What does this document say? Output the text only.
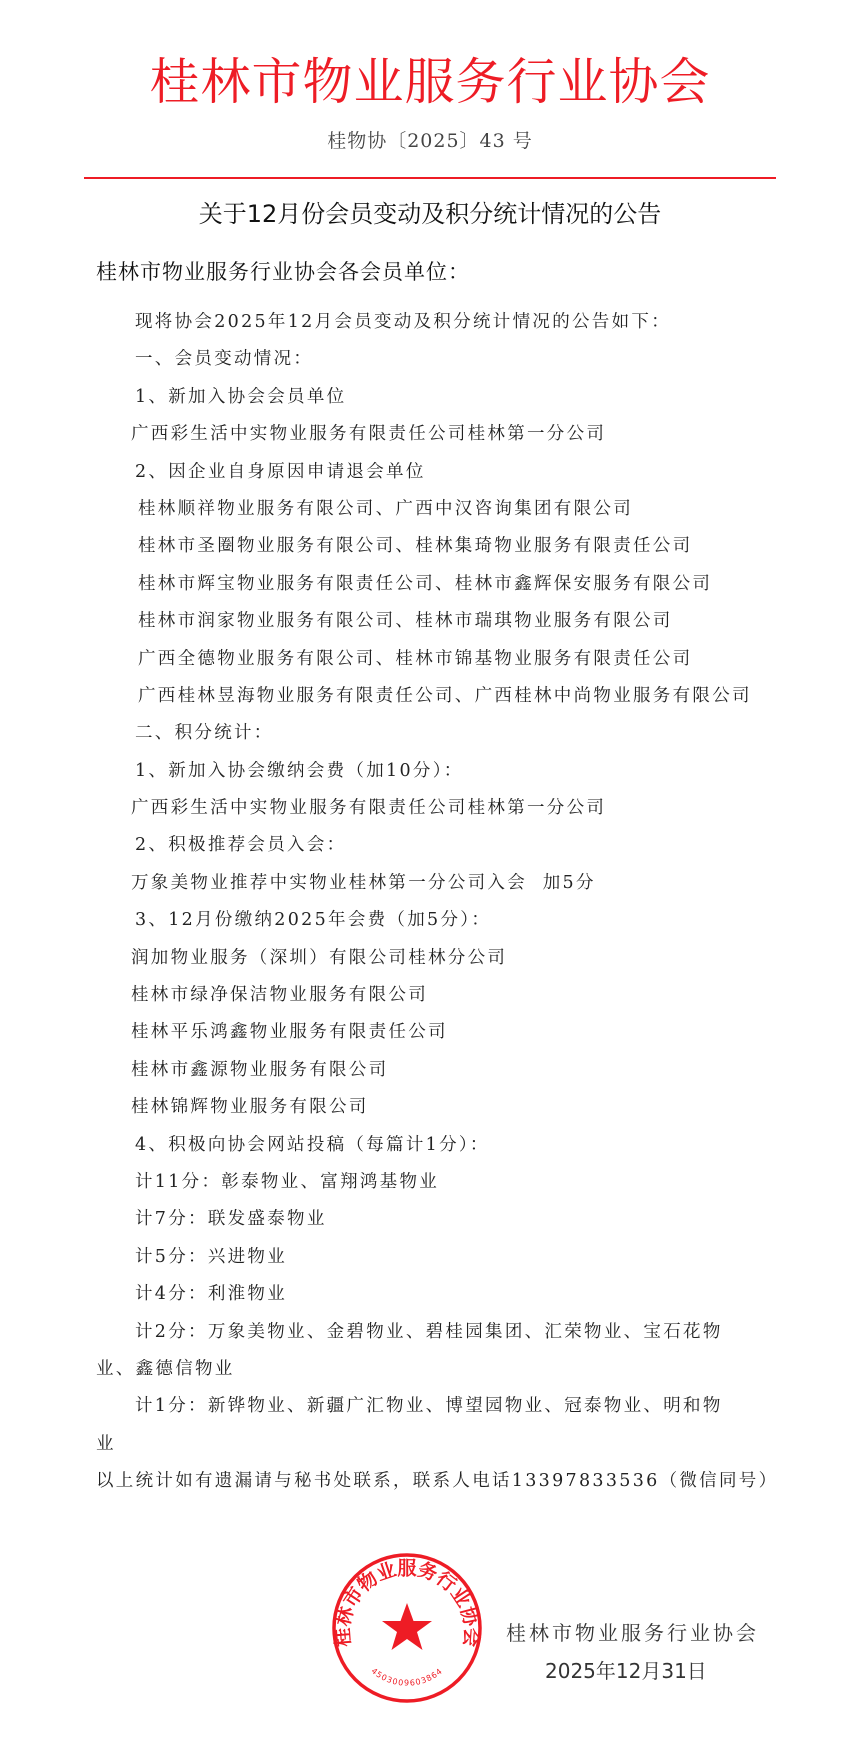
桂林市物业服务行业协会
桂物协〔2025〕43 号
关于12月份会员变动及积分统计情况的公告
桂林市物业服务行业协会各会员单位：
现将协会2025年12月会员变动及积分统计情况的公告如下：
一、会员变动情况：
1、新加入协会会员单位
广西彩生活中实物业服务有限责任公司桂林第一分公司
2、因企业自身原因申请退会单位
桂林顺祥物业服务有限公司、广西中汉咨询集团有限公司
桂林市圣圈物业服务有限公司、桂林集琦物业服务有限责任公司
桂林市辉宝物业服务有限责任公司、桂林市鑫辉保安服务有限公司
桂林市润家物业服务有限公司、桂林市瑞琪物业服务有限公司
广西全德物业服务有限公司、桂林市锦基物业服务有限责任公司
广西桂林昱海物业服务有限责任公司、广西桂林中尚物业服务有限公司
二、积分统计：
1、新加入协会缴纳会费（加10分）：
广西彩生活中实物业服务有限责任公司桂林第一分公司
2、积极推荐会员入会：
万象美物业推荐中实物业桂林第一分公司入会  加5分
3、12月份缴纳2025年会费（加5分）：
润加物业服务（深圳）有限公司桂林分公司
桂林市绿净保洁物业服务有限公司
桂林平乐鸿鑫物业服务有限责任公司
桂林市鑫源物业服务有限公司
桂林锦辉物业服务有限公司
4、积极向协会网站投稿（每篇计1分）：
计11分：彰泰物业、富翔鸿基物业
计7分：联发盛泰物业
计5分：兴进物业
计4分：利淮物业
计2分：万象美物业、金碧物业、碧桂园集团、汇荣物业、宝石花物
业、鑫德信物业
计1分：新铧物业、新疆广汇物业、博望园物业、冠泰物业、明和物
业
以上统计如有遗漏请与秘书处联系，联系人电话13397833536（微信同号）
桂林市物业服务行业协会
2025年12月31日
桂林市物业服务行业协会
4503009603864
